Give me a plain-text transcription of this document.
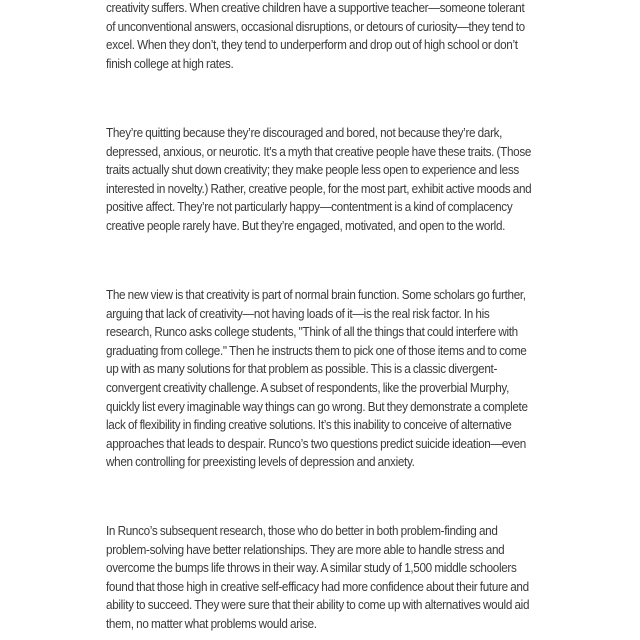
creativity suffers. When creative children have a supportive teacher—someone tolerant of unconventional answers, occasional disruptions, or detours of curiosity—they tend to excel. When they don’t, they tend to underperform and drop out of high school or don’t finish college at high rates.

They’re quitting because they’re discouraged and bored, not because they’re dark, depressed, anxious, or neurotic. It’s a myth that creative people have these traits. (Those traits actually shut down creativity; they make people less open to experience and less interested in novelty.) Rather, creative people, for the most part, exhibit active moods and positive affect. They’re not particularly happy—contentment is a kind of complacency creative people rarely have. But they’re engaged, motivated, and open to the world.

The new view is that creativity is part of normal brain function. Some scholars go further, arguing that lack of creativity—not having loads of it—is the real risk factor. In his research, Runco asks college students, "Think of all the things that could interfere with graduating from college." Then he instructs them to pick one of those items and to come up with as many solutions for that problem as possible. This is a classic divergent-convergent creativity challenge. A subset of respondents, like the proverbial Murphy, quickly list every imaginable way things can go wrong. But they demonstrate a complete lack of flexibility in finding creative solutions. It’s this inability to conceive of alternative approaches that leads to despair. Runco’s two questions predict suicide ideation—even when controlling for preexisting levels of depression and anxiety.

In Runco’s subsequent research, those who do better in both problem-finding and problem-solving have better relationships. They are more able to handle stress and overcome the bumps life throws in their way. A similar study of 1,500 middle schoolers found that those high in creative self-efficacy had more confidence about their future and ability to succeed. They were sure that their ability to come up with alternatives would aid them, no matter what problems would arise.
